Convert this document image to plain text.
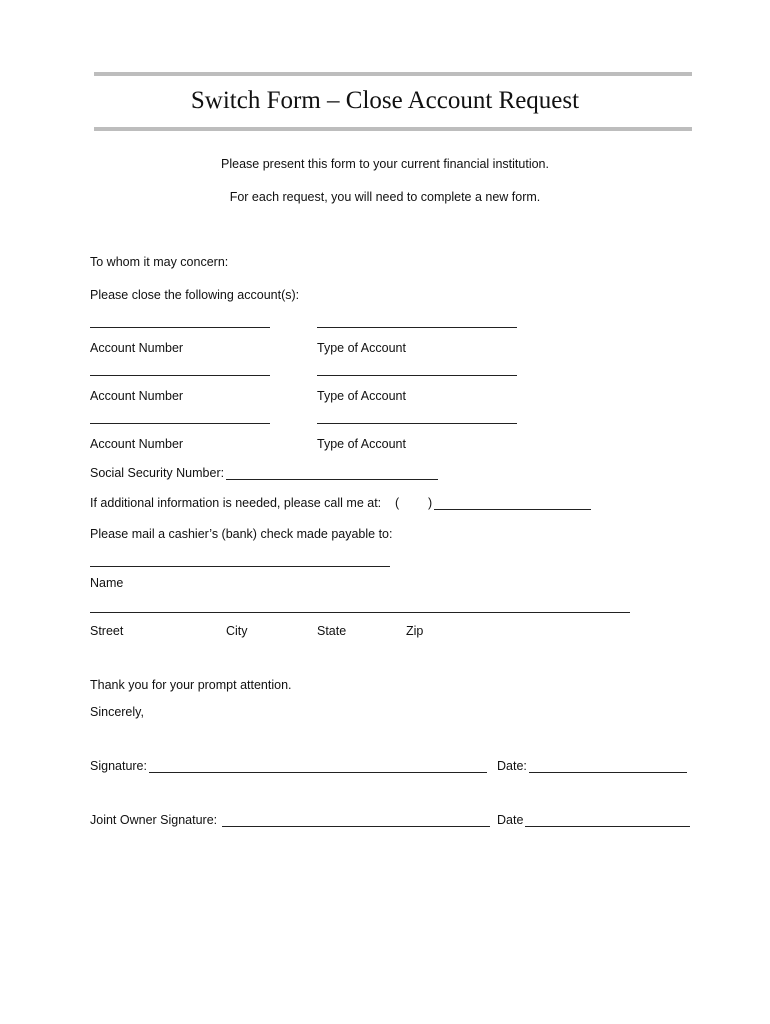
Switch Form – Close Account Request
Please present this form to your current financial institution.
For each request, you will need to complete a new form.
To whom it may concern:
Please close the following account(s):
Account Number	Type of Account
Account Number	Type of Account
Account Number	Type of Account
Social Security Number:
If additional information is needed, please call me at: ( )
Please mail a cashier’s (bank) check made payable to:
Name
Street	City	State	Zip
Thank you for your prompt attention.
Sincerely,
Signature:	Date:
Joint Owner Signature:	Date
